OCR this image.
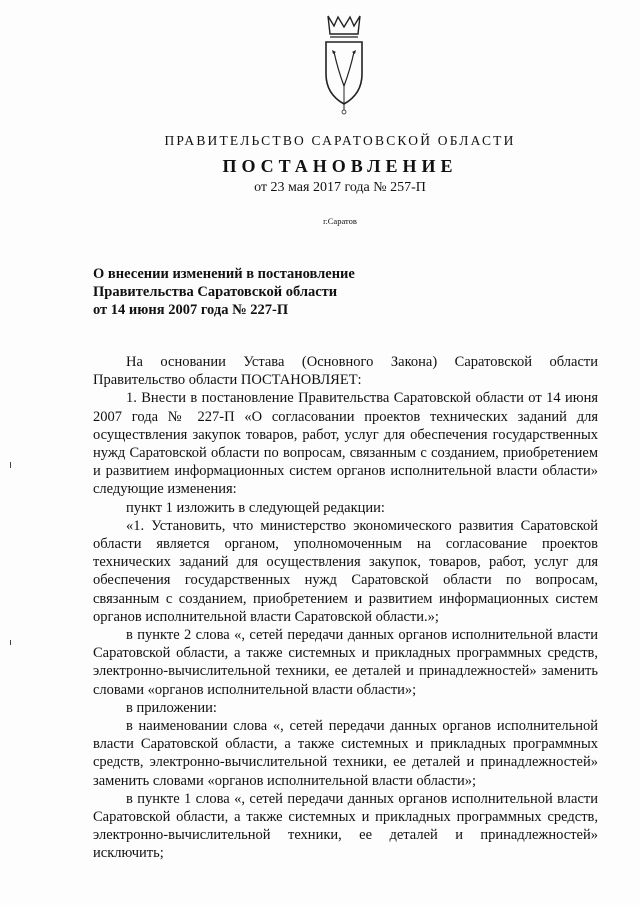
ПРАВИТЕЛЬСТВО САРАТОВСКОЙ ОБЛАСТИ
ПОСТАНОВЛЕНИЕ
от 23 мая 2017 года № 257-П
г.Саратов
О внесении изменений в постановление
Правительства Саратовской области
от 14 июня 2007 года № 227-П

На основании Устава (Основного Закона) Саратовской области Правительство области ПОСТАНОВЛЯЕТ:

1. Внести в постановление Правительства Саратовской области от 14 июня 2007 года № 227-П «О согласовании проектов технических заданий для осуществления закупок товаров, работ, услуг для обеспечения государственных нужд Саратовской области по вопросам, связанным с созданием, приобретением и развитием информационных систем органов исполнительной власти области» следующие изменения:

пункт 1 изложить в следующей редакции:

«1. Установить, что министерство экономического развития Саратовской области является органом, уполномоченным на согласование проектов технических заданий для осуществления закупок, товаров, работ, услуг для обеспечения государственных нужд Саратовской области по вопросам, связанным с созданием, приобретением и развитием информационных систем органов исполнительной власти Саратовской области.»;

в пункте 2 слова «, сетей передачи данных органов исполнительной власти Саратовской области, а также системных и прикладных программных средств, электронно-вычислительной техники, ее деталей и принадлежностей» заменить словами «органов исполнительной власти области»;

в приложении:

в наименовании слова «, сетей передачи данных органов исполнительной власти Саратовской области, а также системных и прикладных программных средств, электронно-вычислительной техники, ее деталей и принадлежностей» заменить словами «органов исполнительной власти области»;

в пункте 1 слова «, сетей передачи данных органов исполнительной власти Саратовской области, а также системных и прикладных программных средств, электронно-вычислительной техники, ее деталей и принадлежностей» исключить;
